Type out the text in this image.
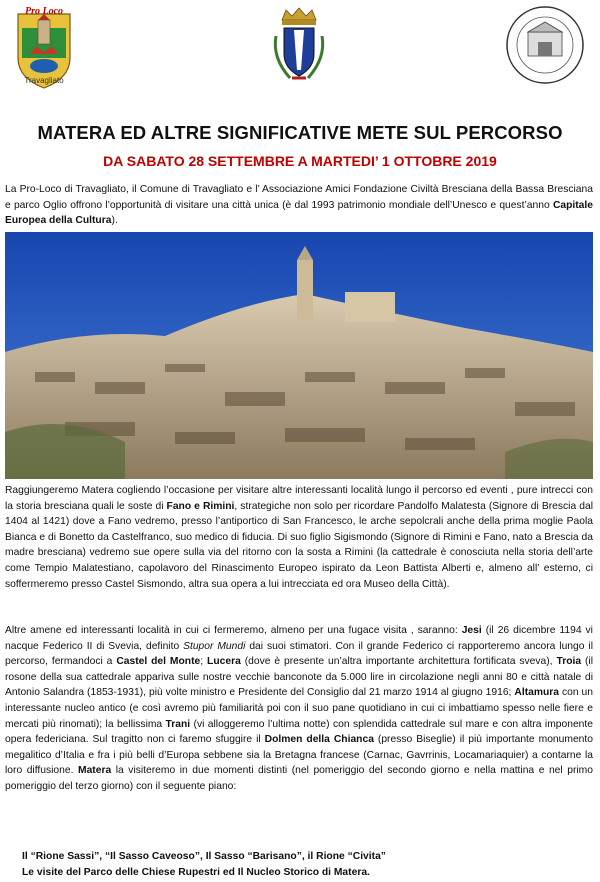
Pro Loco
Travagliato
MATERA ED ALTRE SIGNIFICATIVE METE SUL PERCORSO
DA SABATO 28 SETTEMBRE A MARTEDI’ 1 OTTOBRE 2019

La Pro-Loco di Travagliato, il Comune di Travagliato e l’ Associazione Amici Fondazione Civiltà Bresciana della Bassa Bresciana e parco Oglio offrono l’opportunità di visitare una città unica (è dal 1993 patrimonio mondiale dell’Unesco e quest’anno Capitale Europea della Cultura).

Raggiungeremo Matera cogliendo l’occasione per visitare altre interessanti località lungo il percorso ed eventi , pure intrecci con la storia bresciana quali le soste di Fano e Rimini, strategiche non solo per ricordare Pandolfo Malatesta (Signore di Brescia dal 1404 al 1421) dove a Fano vedremo, presso l’antiportico di San Francesco, le arche sepolcrali anche della prima moglie Paola Bianca e di Bonetto da Castelfranco, suo medico di fiducia. Di suo figlio Sigismondo (Signore di Rimini e Fano, nato a Brescia da madre bresciana) vedremo sue opere sulla via del ritorno con la sosta a Rimini (la cattedrale è conosciuta nella storia dell’arte come Tempio Malatestiano, capolavoro del Rinascimento Europeo ispirato da Leon Battista Alberti e, almeno all’ esterno, ci soffermeremo presso Castel Sismondo, altra sua opera a lui intrecciata ed ora Museo della Città).

Altre amene ed interessanti località in cui ci fermeremo, almeno per una fugace visita , saranno: Jesi (il 26 dicembre 1194 vi nacque Federico II di Svevia, definito Stupor Mundi dai suoi stimatori. Con il grande Federico ci rapporteremo ancora lungo il percorso, fermandoci a Castel del Monte; Lucera (dove è presente un’altra importante architettura fortificata sveva), Troia (il rosone della sua cattedrale appariva sulle nostre vecchie banconote da 5.000 lire in circolazione negli anni 80 e città natale di Antonio Salandra (1853-1931), più volte ministro e Presidente del Consiglio dal 21 marzo 1914 al giugno 1916; Altamura con un interessante nucleo antico (e così avremo più familiarità poi con il suo pane quotidiano in cui ci imbattiamo spesso nelle fiere e mercati più rinomati); la bellissima Trani (vi alloggeremo l’ultima notte) con splendida cattedrale sul mare e con altra imponente opera federiciana. Sul tragitto non ci faremo sfuggire il Dolmen della Chianca (presso Biseglie) il più importante monumento megalitico d’Italia e fra i più belli d’Europa sebbene sia la Bretagna francese (Carnac, Gavrrinis, Locamariaquier) a contarne la loro diffusione. Matera la visiteremo in due momenti distinti (nel pomeriggio del secondo giorno e nella mattina e nel primo pomeriggio del terzo giorno) con il seguente piano:

Il “Rione Sassi”, “Il Sasso Caveoso”, Il Sasso “Barisano”, il Rione “Civita”
Le visite del Parco delle Chiese Rupestri ed Il Nucleo Storico di Matera.
